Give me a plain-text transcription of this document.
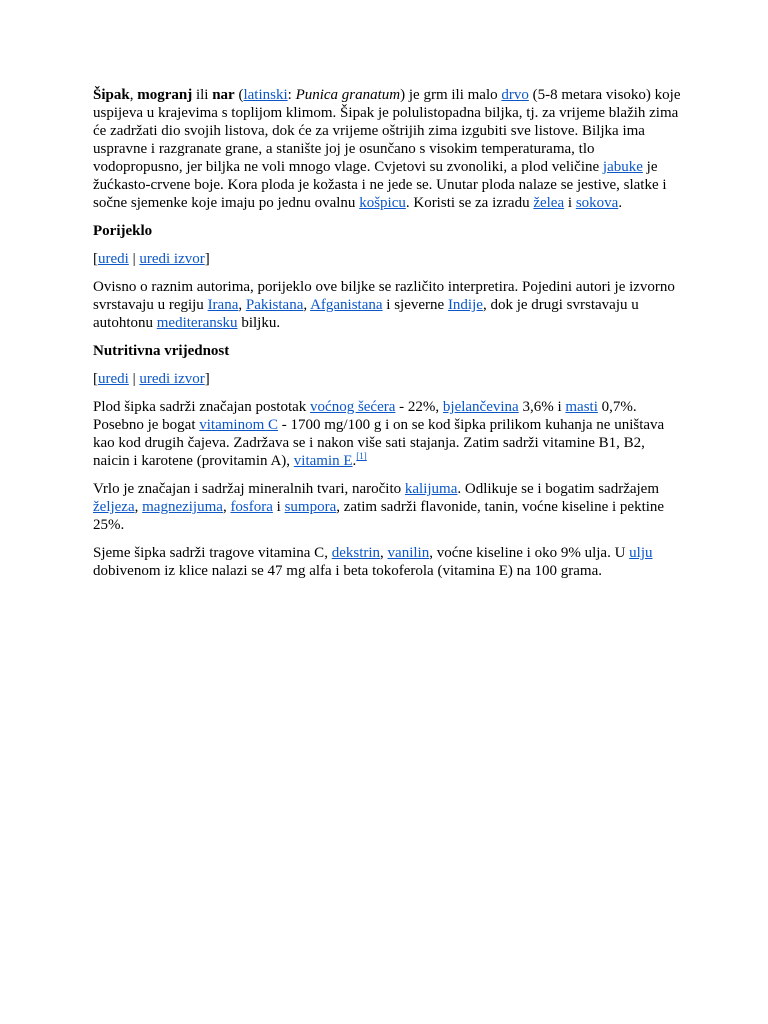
Šipak, mogranj ili nar (latinski: Punica granatum) je grm ili malo drvo (5-8 metara visoko) koje uspijeva u krajevima s toplijom klimom. Šipak je polulistopadna biljka, tj. za vrijeme blažih zima će zadržati dio svojih listova, dok će za vrijeme oštrijih zima izgubiti sve listove. Biljka ima uspravne i razgranate grane, a stanište joj je osunčano s visokim temperaturama, tlo vodopropusno, jer biljka ne voli mnogo vlage. Cvjetovi su zvonoliki, a plod veličine jabuke je žućkasto-crvene boje. Kora ploda je kožasta i ne jede se. Unutar ploda nalaze se jestive, slatke i sočne sjemenke koje imaju po jednu ovalnu košpicu. Koristi se za izradu želea i sokova.

Porijeklo

[uredi | uredi izvor]

Ovisno o raznim autorima, porijeklo ove biljke se različito interpretira. Pojedini autori je izvorno svrstavaju u regiju Irana, Pakistana, Afganistana i sjeverne Indije, dok je drugi svrstavaju u autohtonu mediteransku biljku.

Nutritivna vrijednost

[uredi | uredi izvor]

Plod šipka sadrži značajan postotak voćnog šećera - 22%, bjelančevina 3,6% i masti 0,7%. Posebno je bogat vitaminom C - 1700 mg/100 g i on se kod šipka prilikom kuhanja ne uništava kao kod drugih čajeva. Zadržava se i nakon više sati stajanja. Zatim sadrži vitamine B1, B2, naicin i karotene (provitamin A), vitamin E.[1]

Vrlo je značajan i sadržaj mineralnih tvari, naročito kalijuma. Odlikuje se i bogatim sadržajem željeza, magnezijuma, fosfora i sumpora, zatim sadrži flavonide, tanin, voćne kiseline i pektine 25%.

Sjeme šipka sadrži tragove vitamina C, dekstrin, vanilin, voćne kiseline i oko 9% ulja. U ulju dobivenom iz klice nalazi se 47 mg alfa i beta tokoferola (vitamina E) na 100 grama.
